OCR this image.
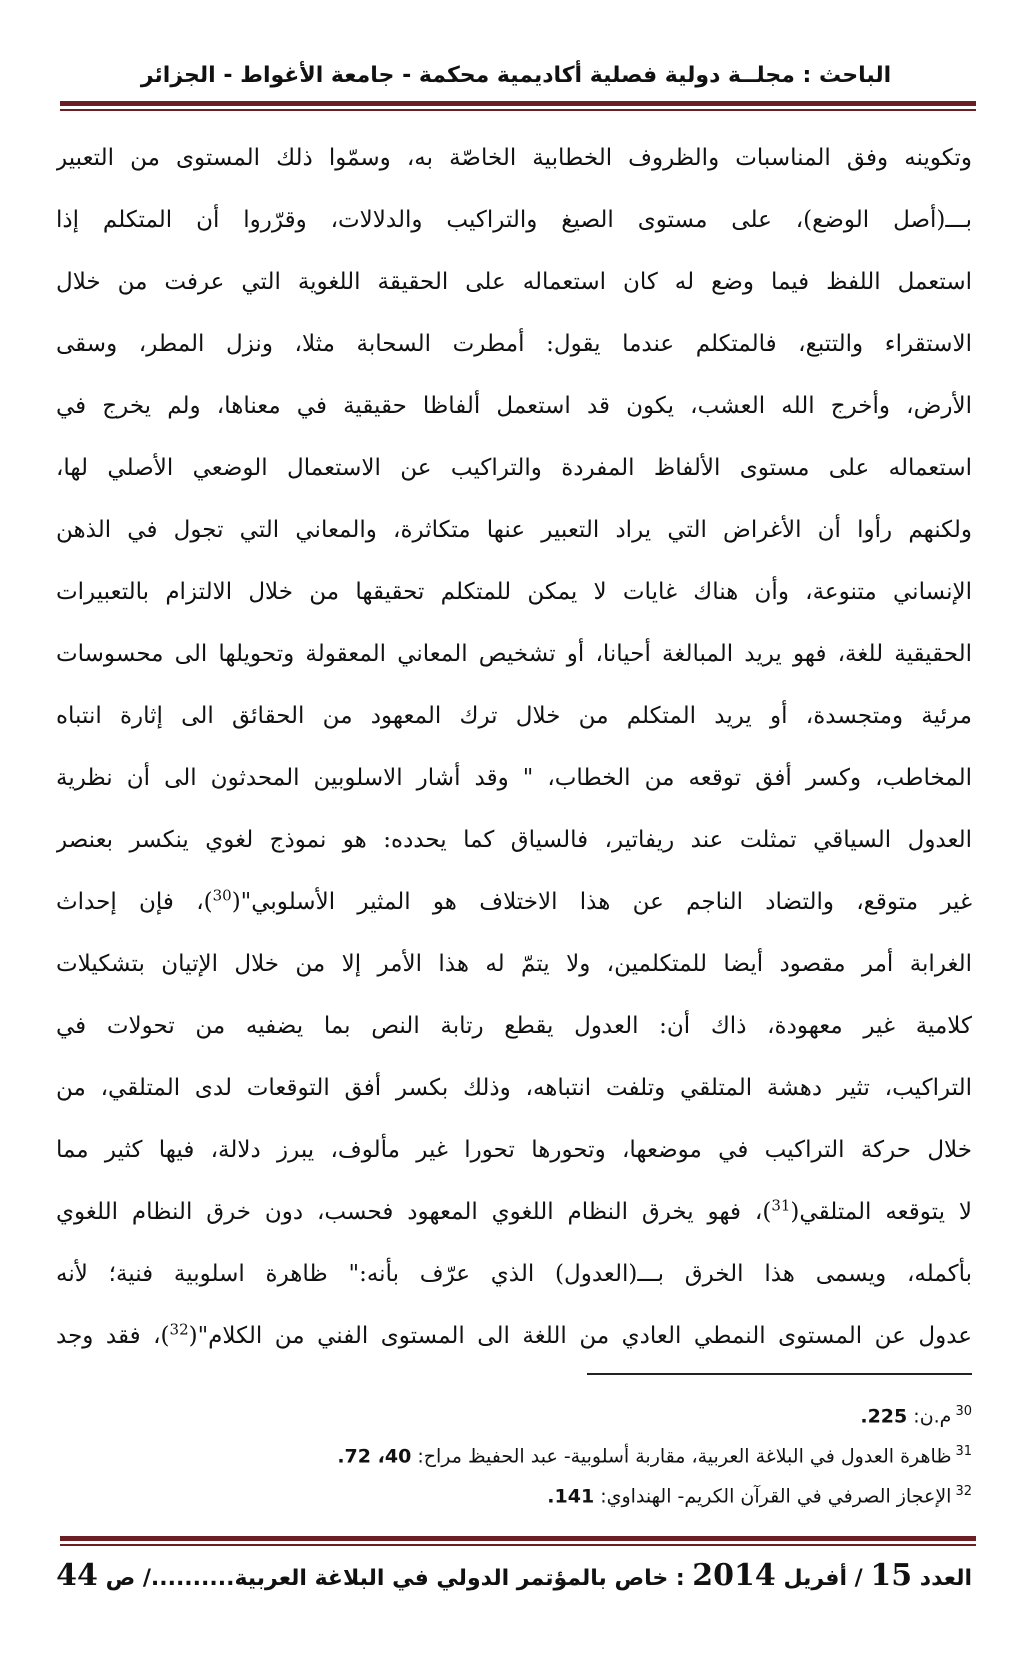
الباحث : مجلــة دولية فصلية أكاديمية محكمة - جامعة الأغواط - الجزائر
وتكوينه وفق المناسبات والظروف الخطابية الخاصّة به، وسمّوا ذلك المستوى من التعبير
بـــ(أصل الوضع)، على مستوى الصيغ والتراكيب والدلالات، وقرّروا أن المتكلم إذا
استعمل اللفظ فيما وضع له كان استعماله على الحقيقة اللغوية التي عرفت من خلال
الاستقراء والتتبع، فالمتكلم عندما يقول: أمطرت السحابة مثلا، ونزل المطر، وسقى
الأرض، وأخرج الله العشب، يكون قد استعمل ألفاظا حقيقية في معناها، ولم يخرج في
استعماله على مستوى الألفاظ المفردة والتراكيب عن الاستعمال الوضعي الأصلي لها،
ولكنهم رأوا أن الأغراض التي يراد التعبير عنها متكاثرة، والمعاني التي تجول في الذهن
الإنساني متنوعة، وأن هناك غايات لا يمكن للمتكلم تحقيقها من خلال الالتزام بالتعبيرات
الحقيقية للغة، فهو يريد المبالغة أحيانا، أو تشخيص المعاني المعقولة وتحويلها الى محسوسات
مرئية ومتجسدة، أو يريد المتكلم من خلال ترك المعهود من الحقائق الى إثارة انتباه
المخاطب، وكسر أفق توقعه من الخطاب، " وقد أشار الاسلوبين المحدثون الى أن نظرية
العدول السياقي تمثلت عند ريفاتير، فالسياق كما يحدده: هو نموذج لغوي ينكسر بعنصر
غير متوقع، والتضاد الناجم عن هذا الاختلاف هو المثير الأسلوبي"($^{30}$)، فإن إحداث
الغرابة أمر مقصود أيضا للمتكلمين، ولا يتمّ له هذا الأمر إلا من خلال الإتيان بتشكيلات
كلامية غير معهودة، ذاك أن: العدول يقطع رتابة النص بما يضفيه من تحولات في
التراكيب، تثير دهشة المتلقي وتلفت انتباهه، وذلك بكسر أفق التوقعات لدى المتلقي، من
خلال حركة التراكيب في موضعها، وتحورها تحورا غير مألوف، يبرز دلالة، فيها كثير مما
لا يتوقعه المتلقي($^{31}$)، فهو يخرق النظام اللغوي المعهود فحسب، دون خرق النظام اللغوي
بأكمله، ويسمى هذا الخرق بـــ(العدول) الذي عرّف بأنه:" ظاهرة اسلوبية فنية؛ لأنه
عدول عن المستوى النمطي العادي من اللغة الى المستوى الفني من الكلام"($^{32}$)، فقد وجد
$^{30}$م.ن: 225.
$^{31}$ظاهرة العدول في البلاغة العربية، مقاربة أسلوبية- عبد الحفيظ مراح: 40، 72.
$^{32}$الإعجاز الصرفي في القرآن الكريم- الهنداوي: 141.
العدد 15 / أفريل 2014 : خاص بالمؤتمر الدولي في البلاغة العربية........../ ص 44
